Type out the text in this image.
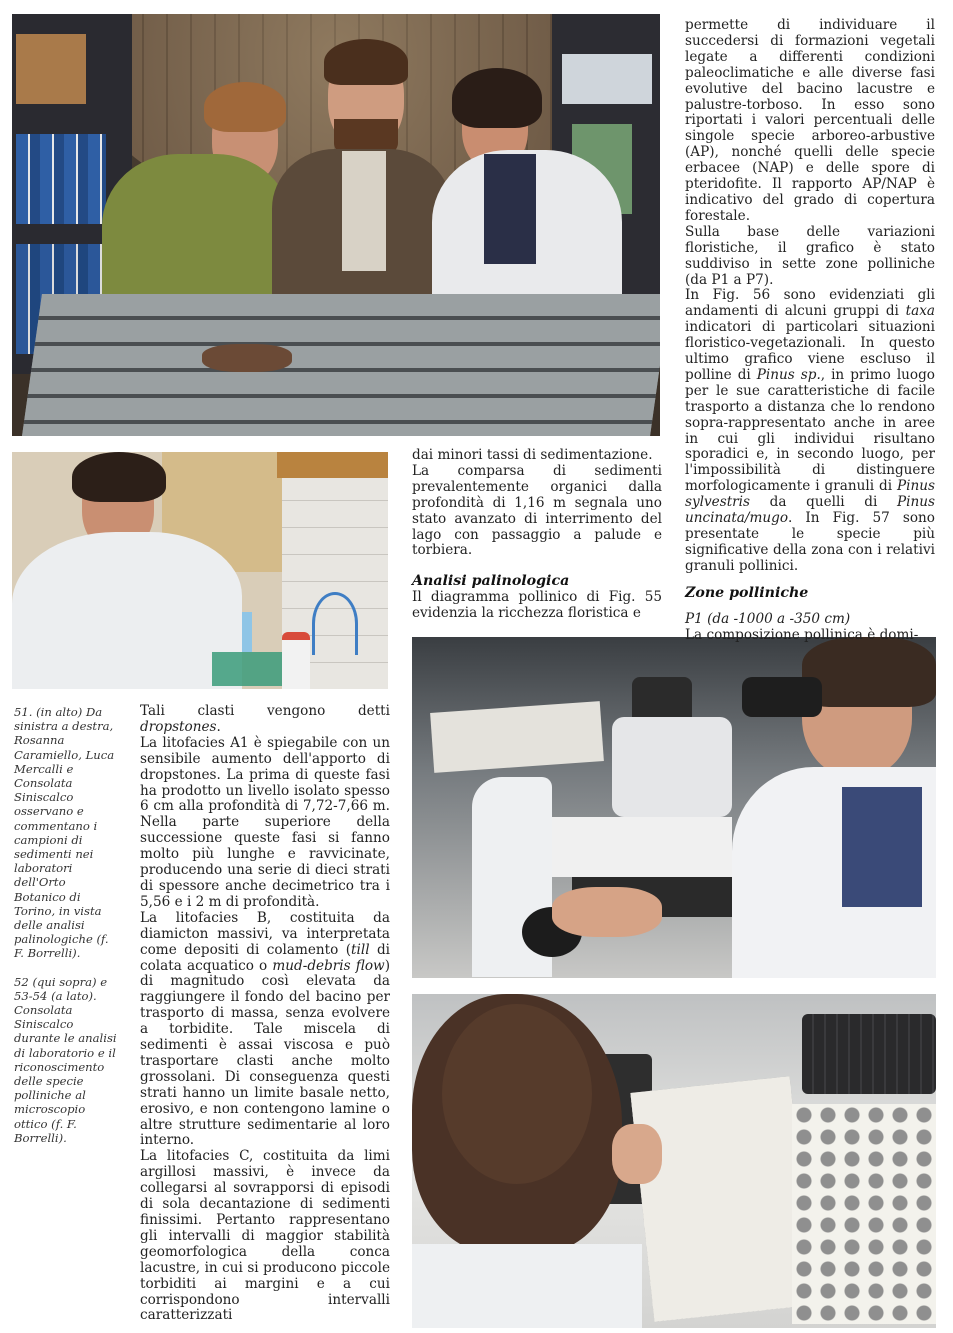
permette di individuare il succedersi di formazioni vegetali legate a differenti condizioni paleoclimatiche e alle diverse fasi evolutive del bacino lacustre e palustre-torboso. In esso sono riportati i valori percentuali delle singole specie arboreo-arbustive (AP), nonché quelli delle specie erbacee (NAP) e delle spore di pteridofite. Il rapporto AP/NAP è indicativo del grado di copertura forestale.

Sulla base delle variazioni floristiche, il grafico è stato suddiviso in sette zone polliniche (da P1 a P7).

In Fig. 56 sono evidenziati gli andamenti di alcuni gruppi di taxa indicatori di particolari situazioni floristico-vegetazionali. In questo ultimo grafico viene escluso il polline di Pinus sp., in primo luogo per le sue caratteristiche di facile trasporto a distanza che lo rendono sopra-rappresentato anche in aree in cui gli individui risultano sporadici e, in secondo luogo, per l'impossibilità di distinguere morfologicamente i granuli di Pinus sylvestris da quelli di Pinus uncinata/mugo. In Fig. 57 sono presentate le specie più significative della zona con i relativi granuli pollinici.

Zone polliniche

P1 (da -1000 a -350 cm)

La composizione pollinica è domi-

dai minori tassi di sedimentazione.

La comparsa di sedimenti prevalentemente organici dalla profondità di 1,16 m segnala uno stato avanzato di interrimento del lago con passaggio a palude e torbiera.

Analisi palinologica

Il diagramma pollinico di Fig. 55 evidenzia la ricchezza floristica e

Tali clasti vengono detti dropstones.

La litofacies A1 è spiegabile con un sensibile aumento dell'apporto di dropstones. La prima di queste fasi ha prodotto un livello isolato spesso 6 cm alla profondità di 7,72-7,66 m. Nella parte superiore della successione queste fasi si fanno molto più lunghe e ravvicinate, producendo una serie di dieci strati di spessore anche decimetrico tra i 5,56 e i 2 m di profondità.

La litofacies B, costituita da diamicton massivi, va interpretata come depositi di colamento (till di colata acquatico o mud-debris flow) di magnitudo così elevata da raggiungere il fondo del bacino per trasporto di massa, senza evolvere a torbidite. Tale miscela di sedimenti è assai viscosa e può trasportare clasti anche molto grossolani. Di conseguenza questi strati hanno un limite basale netto, erosivo, e non contengono lamine o altre strutture sedimentarie al loro interno.

La litofacies C, costituita da limi argillosi massivi, è invece da collegarsi al sovrapporsi di episodi di sola decantazione di sedimenti finissimi. Pertanto rappresentano gli intervalli di maggior stabilità geomorfologica della conca lacustre, in cui si producono piccole torbiditi ai margini e a cui corrispondono intervalli caratterizzati

51. (in alto) Da sinistra a destra, Rosanna Caramiello, Luca Mercalli e Consolata Siniscalco osservano e commentano i campioni di sedimenti nei laboratori dell'Orto Botanico di Torino, in vista delle analisi palinologiche (f. F. Borrelli).

52 (qui sopra) e 53-54 (a lato). Consolata Siniscalco durante le analisi di laboratorio e il riconoscimento delle specie polliniche al microscopio ottico (f. F. Borrelli).
